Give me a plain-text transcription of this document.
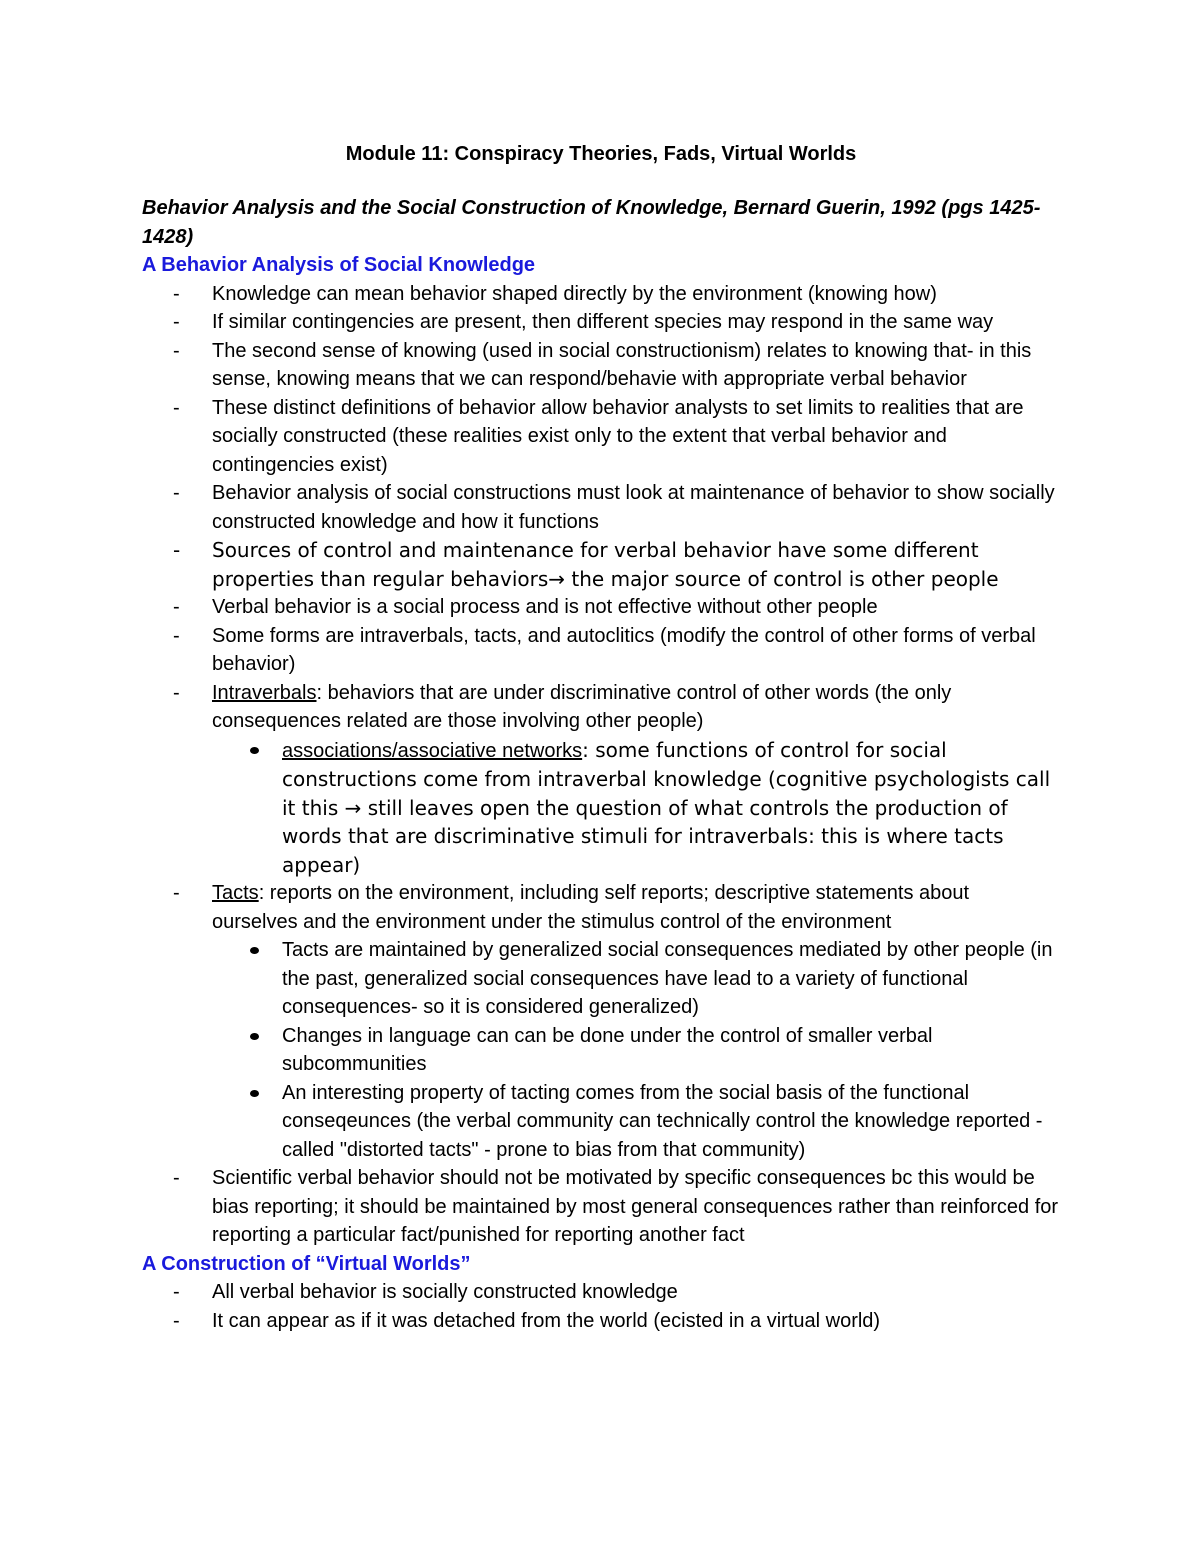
Module 11: Conspiracy Theories, Fads, Virtual Worlds
Behavior Analysis and the Social Construction of Knowledge, Bernard Guerin, 1992 (pgs 1425-1428)
A Behavior Analysis of Social Knowledge
- Knowledge can mean behavior shaped directly by the environment (knowing how)
- If similar contingencies are present, then different species may respond in the same way
- The second sense of knowing (used in social constructionism) relates to knowing that- in this sense, knowing means that we can respond/behavie with appropriate verbal behavior
- These distinct definitions of behavior allow behavior analysts to set limits to realities that are socially constructed (these realities exist only to the extent that verbal behavior and contingencies exist)
- Behavior analysis of social constructions must look at maintenance of behavior to show socially constructed knowledge and how it functions
- Sources of control and maintenance for verbal behavior have some different properties than regular behaviors→ the major source of control is other people
- Verbal behavior is a social process and is not effective without other people
- Some forms are intraverbals, tacts, and autoclitics (modify the control of other forms of verbal behavior)
- Intraverbals: behaviors that are under discriminative control of other words (the only consequences related are those involving other people)
associations/associative networks: some functions of control for social constructions come from intraverbal knowledge (cognitive psychologists call it this → still leaves open the question of what controls the production of words that are discriminative stimuli for intraverbals: this is where tacts appear)
- Tacts: reports on the environment, including self reports; descriptive statements about ourselves and the environment under the stimulus control of the environment
Tacts are maintained by generalized social consequences mediated by other people (in the past, generalized social consequences have lead to a variety of functional consequences- so it is considered generalized)
Changes in language can can be done under the control of smaller verbal subcommunities
An interesting property of tacting comes from the social basis of the functional conseqeunces (the verbal community can technically control the knowledge reported - called "distorted tacts" - prone to bias from that community)
- Scientific verbal behavior should not be motivated by specific consequences bc this would be bias reporting; it should be maintained by most general consequences rather than reinforced for reporting a particular fact/punished for reporting another fact
A Construction of “Virtual Worlds”
- All verbal behavior is socially constructed knowledge
- It can appear as if it was detached from the world (ecisted in a virtual world)
